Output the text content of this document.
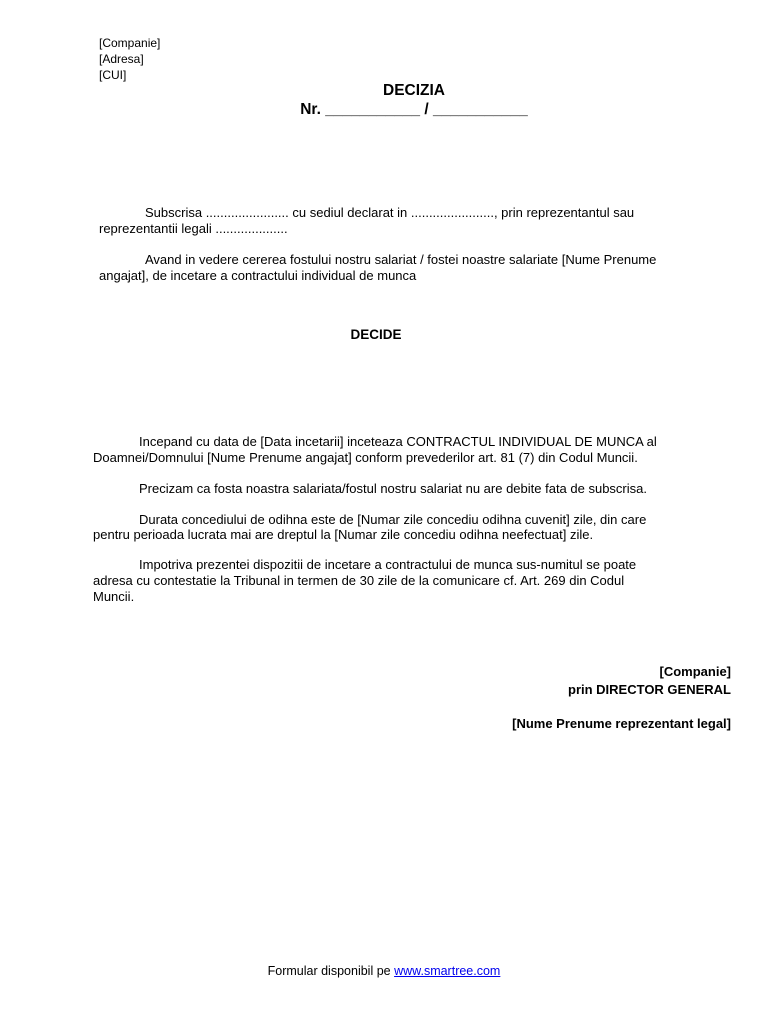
[Companie]
[Adresa]
[CUI]
DECIZIA
Nr. ___________ / ___________
Subscrisa ....................... cu sediul declarat in ......................., prin reprezentantul sau
reprezentantii legali ....................
Avand in vedere cererea fostului nostru salariat / fostei noastre salariate [Nume Prenume
angajat], de incetare a contractului individual de munca
DECIDE
Incepand cu data de [Data incetarii] inceteaza CONTRACTUL INDIVIDUAL DE MUNCA al
Doamnei/Domnului [Nume Prenume angajat] conform prevederilor art. 81 (7) din Codul Muncii.
Precizam ca fosta noastra salariata/fostul nostru salariat nu are debite fata de subscrisa.
Durata concediului de odihna este de [Numar zile concediu odihna cuvenit] zile, din care
pentru perioada lucrata mai are dreptul la [Numar zile concediu odihna neefectuat] zile.
Impotriva prezentei dispozitii de incetare a contractului de munca sus-numitul se poate
adresa cu contestatie la Tribunal in termen de 30 zile de la comunicare cf. Art. 269 din Codul
Muncii.
[Companie]
prin DIRECTOR GENERAL
[Nume Prenume reprezentant legal]
Formular disponibil pe www.smartree.com
